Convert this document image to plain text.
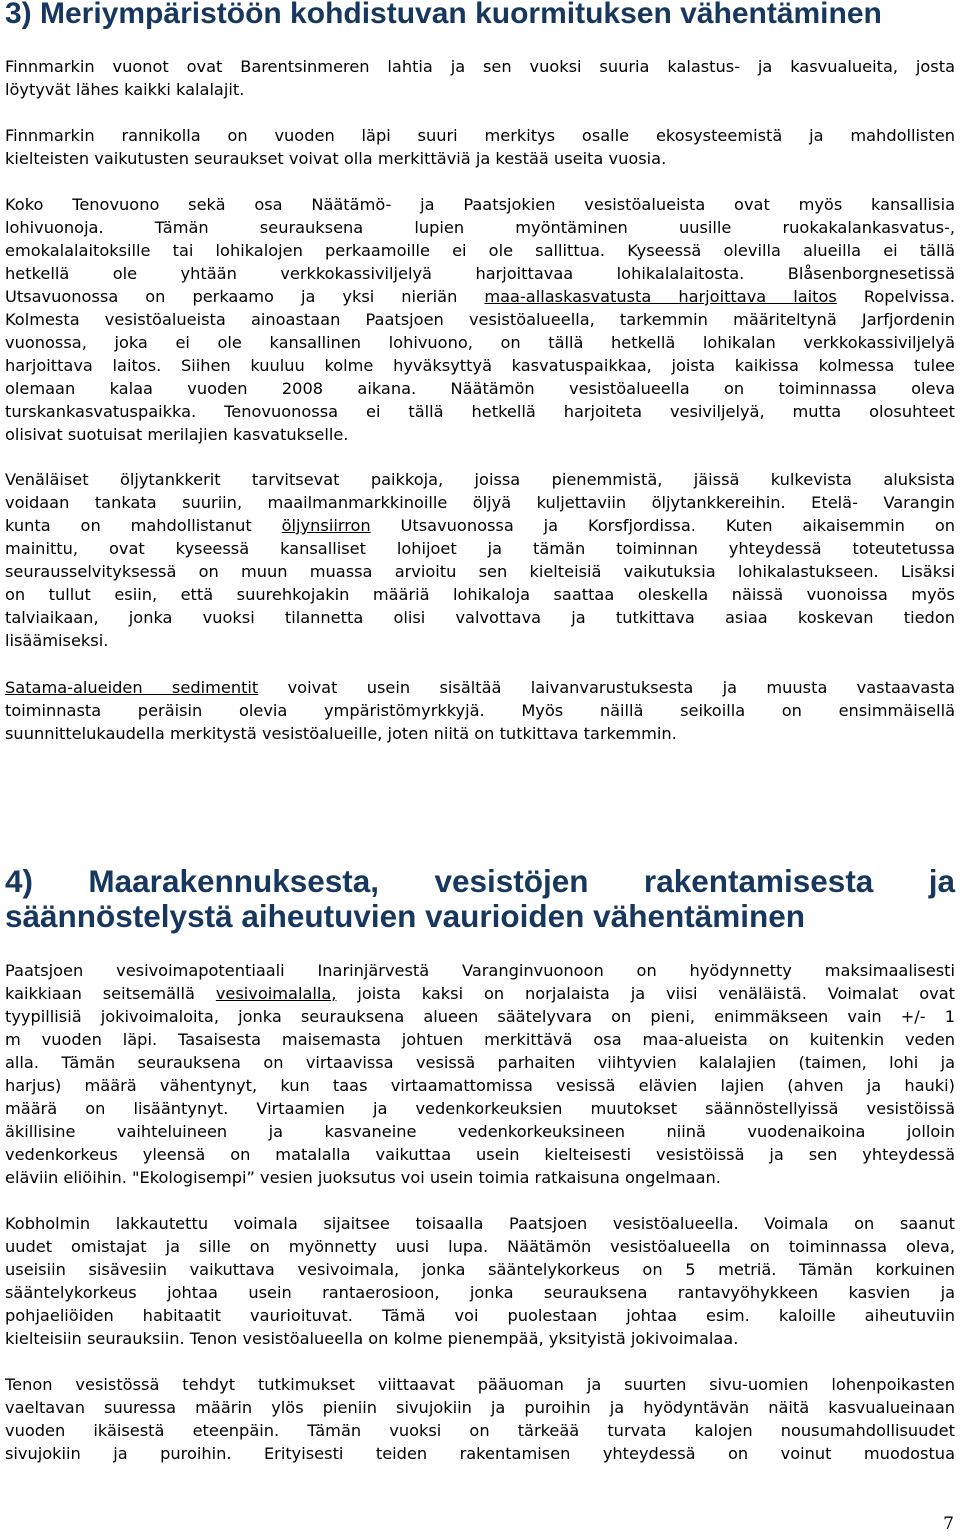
3) Meriympäristöön kohdistuvan kuormituksen vähentäminen
Finnmarkin vuonot ovat Barentsinmeren lahtia ja sen vuoksi suuria kalastus- ja kasvualueita, josta
löytyvät lähes kaikki kalalajit.
Finnmarkin rannikolla on vuoden läpi suuri merkitys osalle ekosysteemistä ja mahdollisten
kielteisten vaikutusten seuraukset voivat olla merkittäviä ja kestää useita vuosia.
Koko Tenovuono sekä osa Näätämö- ja Paatsjokien vesistöalueista ovat myös kansallisia
lohivuonoja. Tämän seurauksena lupien myöntäminen uusille ruokakalankasvatus-,
emokalalaitoksille tai lohikalojen perkaamoille ei ole sallittua. Kyseessä olevilla alueilla ei tällä
hetkellä ole yhtään verkkokassiviljelyä harjoittavaa lohikalalaitosta. Blåsenborgnesetissä
Utsavuonossa on perkaamo ja yksi nieriän maa-allaskasvatusta harjoittava laitos Ropelvissa.
Kolmesta vesistöalueista ainoastaan Paatsjoen vesistöalueella, tarkemmin määriteltynä Jarfjordenin
vuonossa, joka ei ole kansallinen lohivuono, on tällä hetkellä lohikalan verkkokassiviljelyä
harjoittava laitos. Siihen kuuluu kolme hyväksyttyä kasvatuspaikkaa, joista kaikissa kolmessa tulee
olemaan kalaa vuoden 2008 aikana. Näätämön vesistöalueella on toiminnassa oleva
turskankasvatuspaikka. Tenovuonossa ei tällä hetkellä harjoiteta vesiviljelyä, mutta olosuhteet
olisivat suotuisat merilajien kasvatukselle.
Venäläiset öljytankkerit tarvitsevat paikkoja, joissa pienemmistä, jäissä kulkevista aluksista
voidaan tankata suuriin, maailmanmarkkinoille öljyä kuljettaviin öljytankkereihin. Etelä- Varangin
kunta on mahdollistanut öljynsiirron Utsavuonossa ja Korsfjordissa. Kuten aikaisemmin on
mainittu, ovat kyseessä kansalliset lohijoet ja tämän toiminnan yhteydessä toteutetussa
seurausselvityksessä on muun muassa arvioitu sen kielteisiä vaikutuksia lohikalastukseen. Lisäksi
on tullut esiin, että suurehkojakin määriä lohikaloja saattaa oleskella näissä vuonoissa myös
talviaikaan, jonka vuoksi tilannetta olisi valvottava ja tutkittava asiaa koskevan tiedon
lisäämiseksi.
Satama-alueiden sedimentit voivat usein sisältää laivanvarustuksesta ja muusta vastaavasta
toiminnasta peräisin olevia ympäristömyrkkyjä. Myös näillä seikoilla on ensimmäisellä
suunnittelukaudella merkitystä vesistöalueille, joten niitä on tutkittava tarkemmin.
4) Maarakennuksesta, vesistöjen rakentamisesta ja
säännöstelystä aiheutuvien vaurioiden vähentäminen
Paatsjoen vesivoimapotentiaali Inarinjärvestä Varanginvuonoon on hyödynnetty maksimaalisesti
kaikkiaan seitsemällä vesivoimalalla, joista kaksi on norjalaista ja viisi venäläistä. Voimalat ovat
tyypillisiä jokivoimaloita, jonka seurauksena alueen säätelyvara on pieni, enimmäkseen vain +/- 1
m vuoden läpi. Tasaisesta maisemasta johtuen merkittävä osa maa-alueista on kuitenkin veden
alla. Tämän seurauksena on virtaavissa vesissä parhaiten viihtyvien kalalajien (taimen, lohi ja
harjus) määrä vähentynyt, kun taas virtaamattomissa vesissä elävien lajien (ahven ja hauki)
määrä on lisääntynyt. Virtaamien ja vedenkorkeuksien muutokset säännöstellyissä vesistöissä
äkillisine vaihteluineen ja kasvaneine vedenkorkeuksineen niinä vuodenaikoina jolloin
vedenkorkeus yleensä on matalalla vaikuttaa usein kielteisesti vesistöissä ja sen yhteydessä
eläviin eliöihin. "Ekologisempi” vesien juoksutus voi usein toimia ratkaisuna ongelmaan.
Kobholmin lakkautettu voimala sijaitsee toisaalla Paatsjoen vesistöalueella. Voimala on saanut
uudet omistajat ja sille on myönnetty uusi lupa. Näätämön vesistöalueella on toiminnassa oleva,
useisiin sisävesiin vaikuttava vesivoimala, jonka sääntelykorkeus on 5 metriä. Tämän korkuinen
sääntelykorkeus johtaa usein rantaerosioon, jonka seurauksena rantavyöhykkeen kasvien ja
pohjaeliöiden habitaatit vaurioituvat. Tämä voi puolestaan johtaa esim. kaloille aiheutuviin
kielteisiin seurauksiin. Tenon vesistöalueella on kolme pienempää, yksityistä jokivoimalaa.
Tenon vesistössä tehdyt tutkimukset viittaavat pääuoman ja suurten sivu-uomien lohenpoikasten
vaeltavan suuressa määrin ylös pieniin sivujokiin ja puroihin ja hyödyntävän näitä kasvualueinaan
vuoden ikäisestä eteenpäin. Tämän vuoksi on tärkeää turvata kalojen nousumahdollisuudet
sivujokiin ja puroihin. Erityisesti teiden rakentamisen yhteydessä on voinut muodostua
7
